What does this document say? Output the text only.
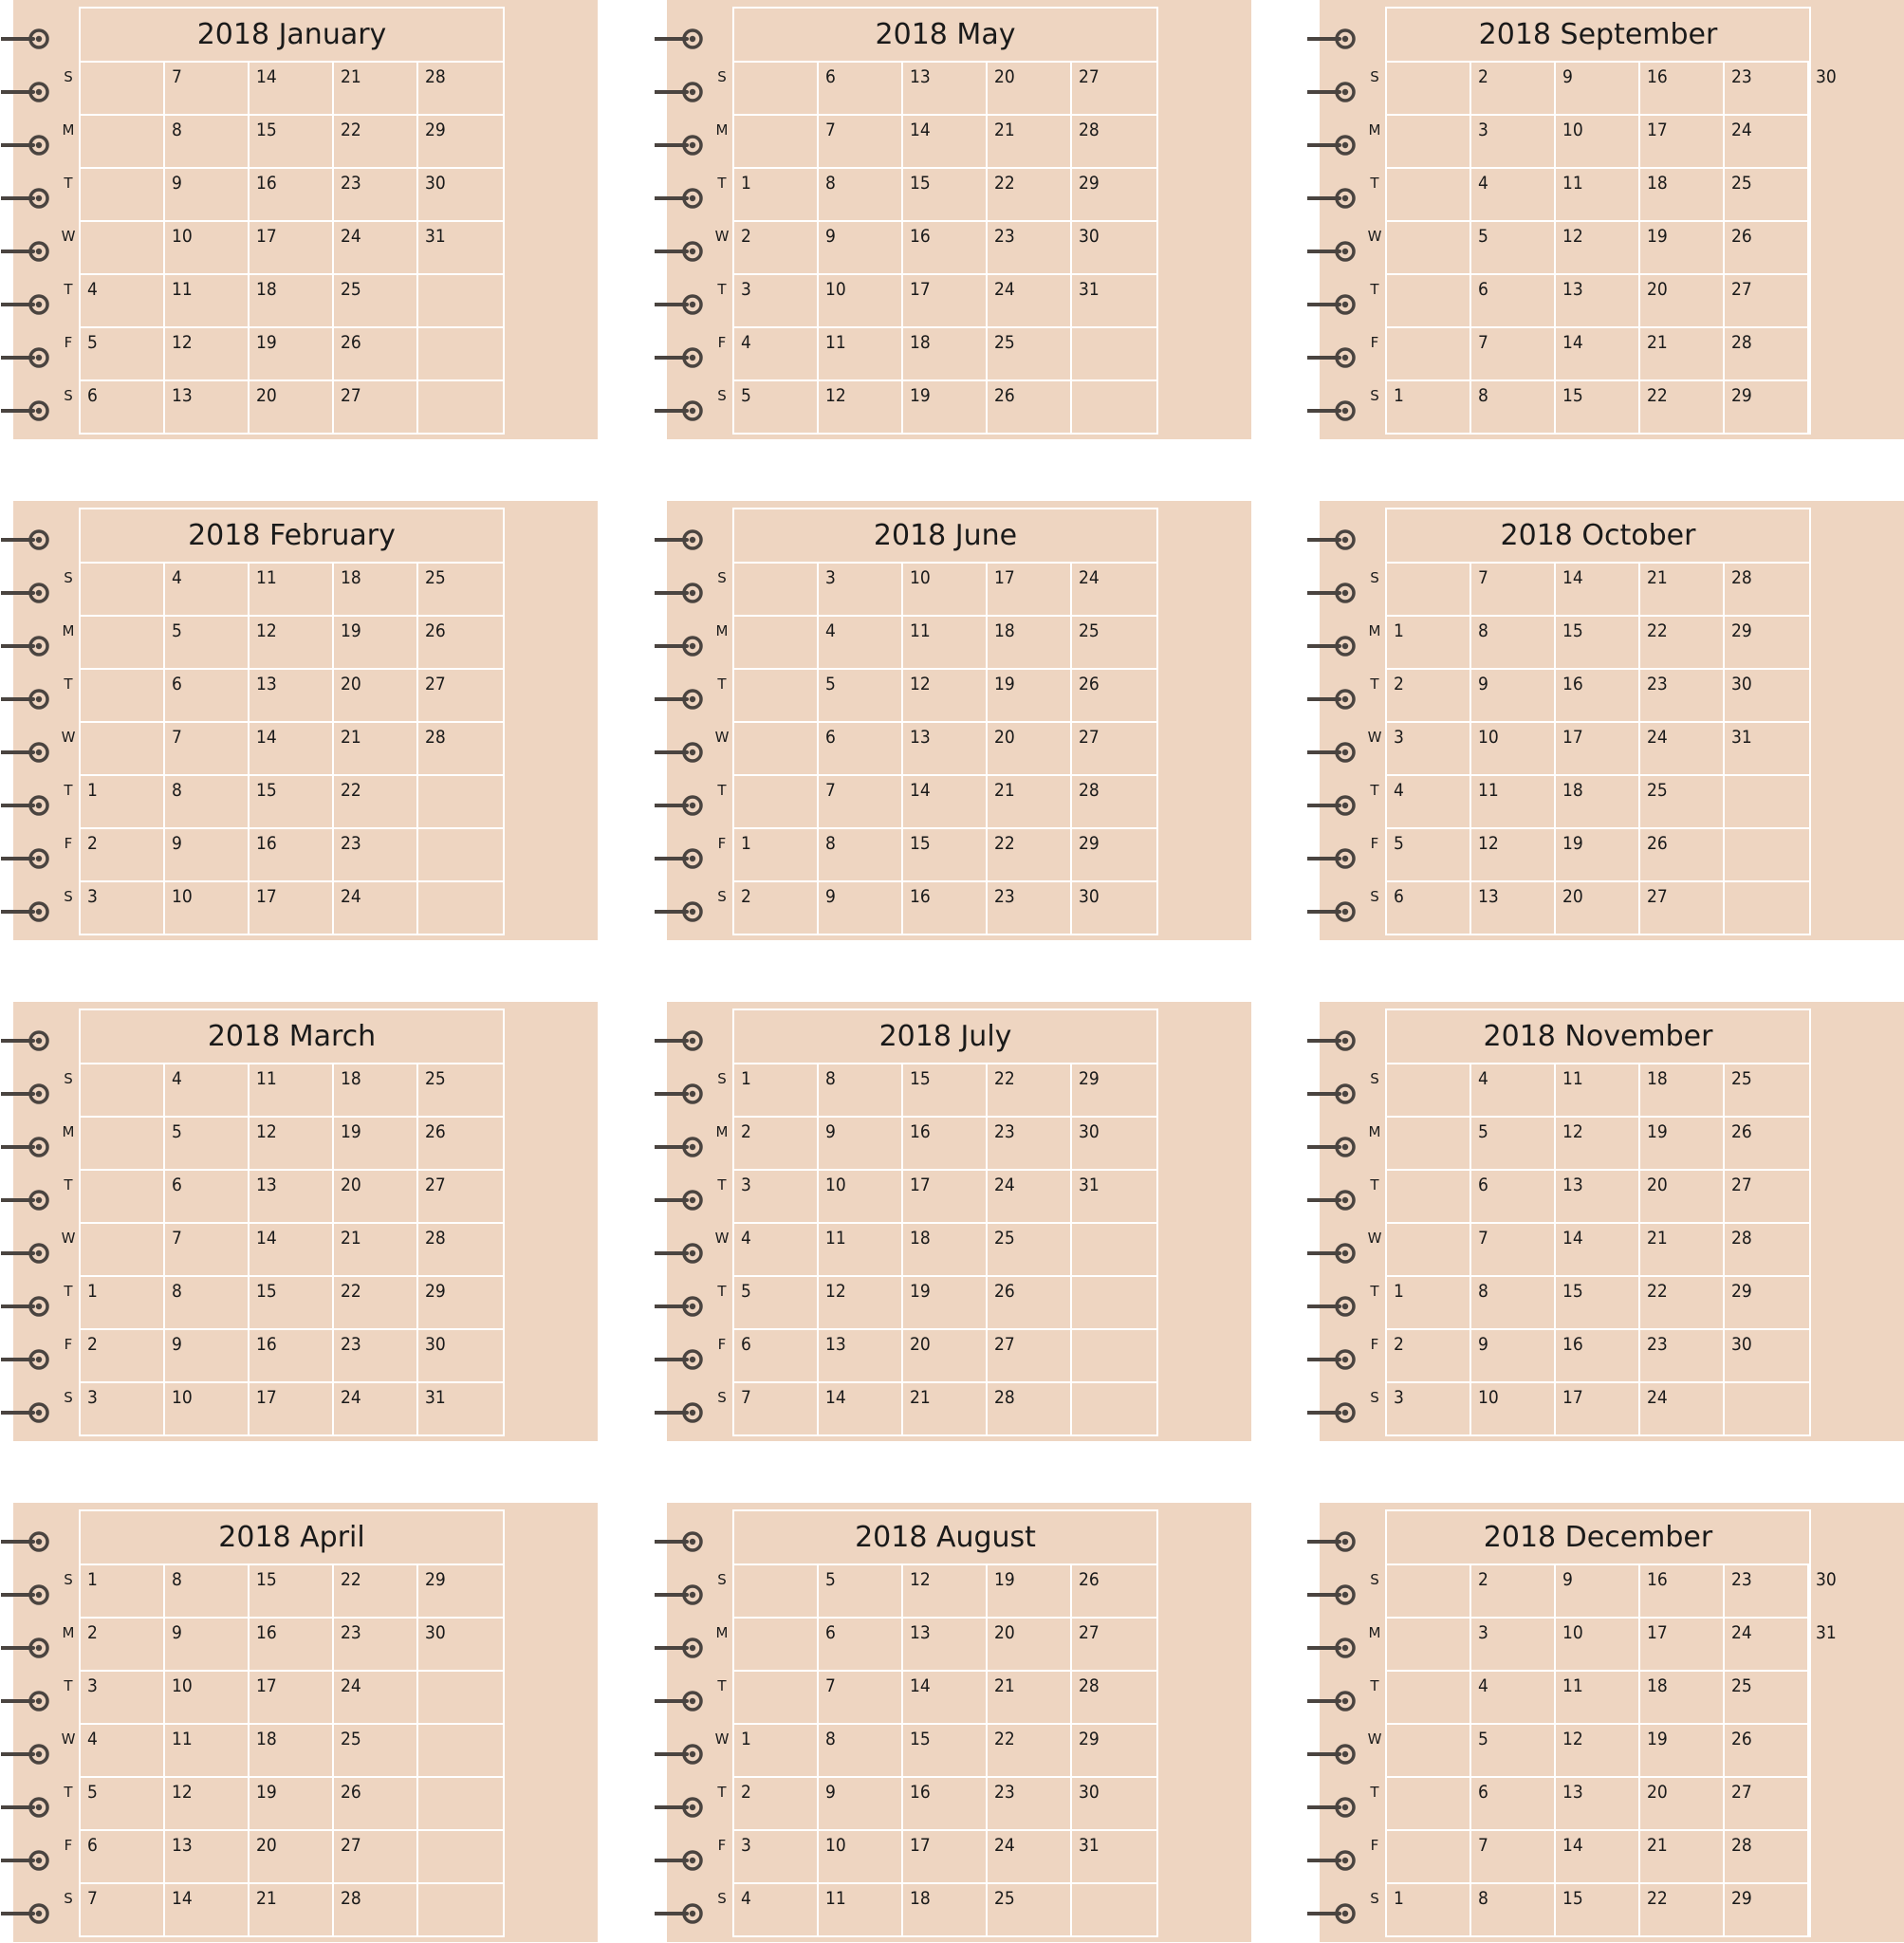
S
M
T
W
T
F
S
2018 January
4
5
6
7
8
9
10
11
12
13
14
15
16
17
18
19
20
21
22
23
24
25
26
27
28
29
30
31
S
M
T
W
T
F
S
2018 May
1
2
3
4
5
6
7
8
9
10
11
12
13
14
15
16
17
18
19
20
21
22
23
24
25
26
27
28
29
30
31
S
M
T
W
T
F
S
2018 September
1
2
3
4
5
6
7
8
9
10
11
12
13
14
15
16
17
18
19
20
21
22
23
24
25
26
27
28
29
30
S
M
T
W
T
F
S
2018 February
1
2
3
4
5
6
7
8
9
10
11
12
13
14
15
16
17
18
19
20
21
22
23
24
25
26
27
28
S
M
T
W
T
F
S
2018 June
1
2
3
4
5
6
7
8
9
10
11
12
13
14
15
16
17
18
19
20
21
22
23
24
25
26
27
28
29
30
S
M
T
W
T
F
S
2018 October
1
2
3
4
5
6
7
8
9
10
11
12
13
14
15
16
17
18
19
20
21
22
23
24
25
26
27
28
29
30
31
S
M
T
W
T
F
S
2018 March
1
2
3
4
5
6
7
8
9
10
11
12
13
14
15
16
17
18
19
20
21
22
23
24
25
26
27
28
29
30
31
S
M
T
W
T
F
S
2018 July
1
2
3
4
5
6
7
8
9
10
11
12
13
14
15
16
17
18
19
20
21
22
23
24
25
26
27
28
29
30
31
S
M
T
W
T
F
S
2018 November
1
2
3
4
5
6
7
8
9
10
11
12
13
14
15
16
17
18
19
20
21
22
23
24
25
26
27
28
29
30
S
M
T
W
T
F
S
2018 April
1
2
3
4
5
6
7
8
9
10
11
12
13
14
15
16
17
18
19
20
21
22
23
24
25
26
27
28
29
30
S
M
T
W
T
F
S
2018 August
1
2
3
4
5
6
7
8
9
10
11
12
13
14
15
16
17
18
19
20
21
22
23
24
25
26
27
28
29
30
31
S
M
T
W
T
F
S
2018 December
1
2
3
4
5
6
7
8
9
10
11
12
13
14
15
16
17
18
19
20
21
22
23
24
25
26
27
28
29
30
31
